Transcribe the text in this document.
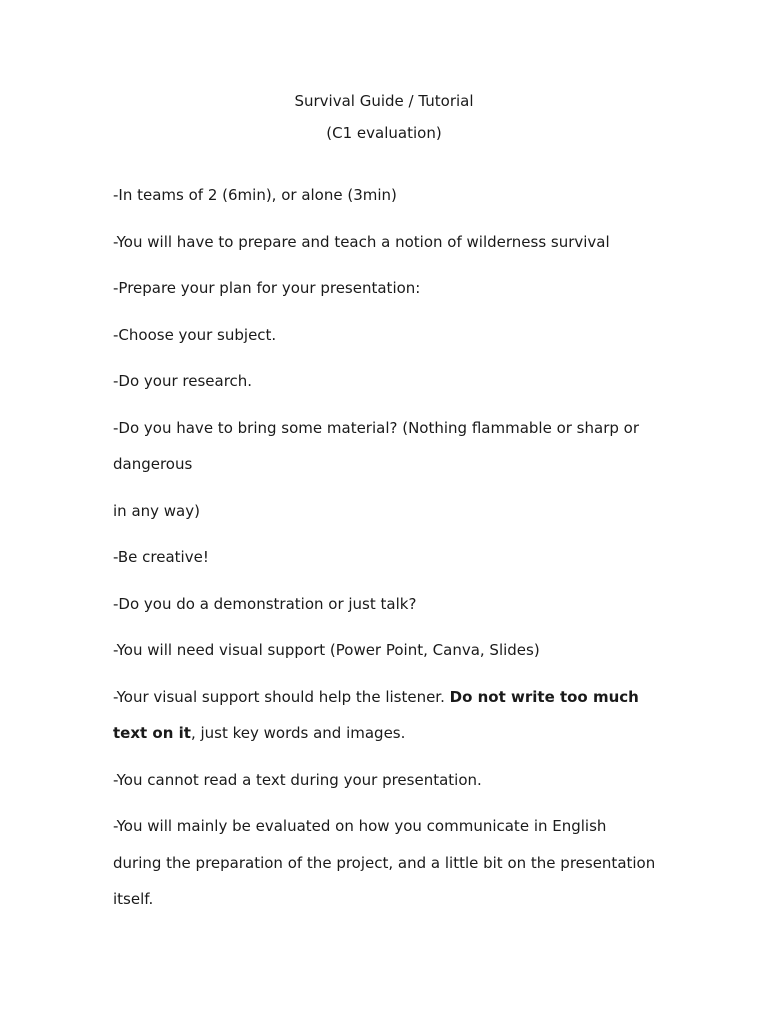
Survival Guide / Tutorial
(C1 evaluation)

-In teams of 2 (6min), or alone (3min)

-You will have to prepare and teach a notion of wilderness survival

-Prepare your plan for your presentation:

-Choose your subject.

-Do your research.

-Do you have to bring some material? (Nothing flammable or sharp or dangerous

in any way)

-Be creative!

-Do you do a demonstration or just talk?

-You will need visual support (Power Point, Canva, Slides)

-Your visual support should help the listener. Do not write too much text on it, just key words and images.

-You cannot read a text during your presentation.

-You will mainly be evaluated on how you communicate in English during the preparation of the project, and a little bit on the presentation itself.
